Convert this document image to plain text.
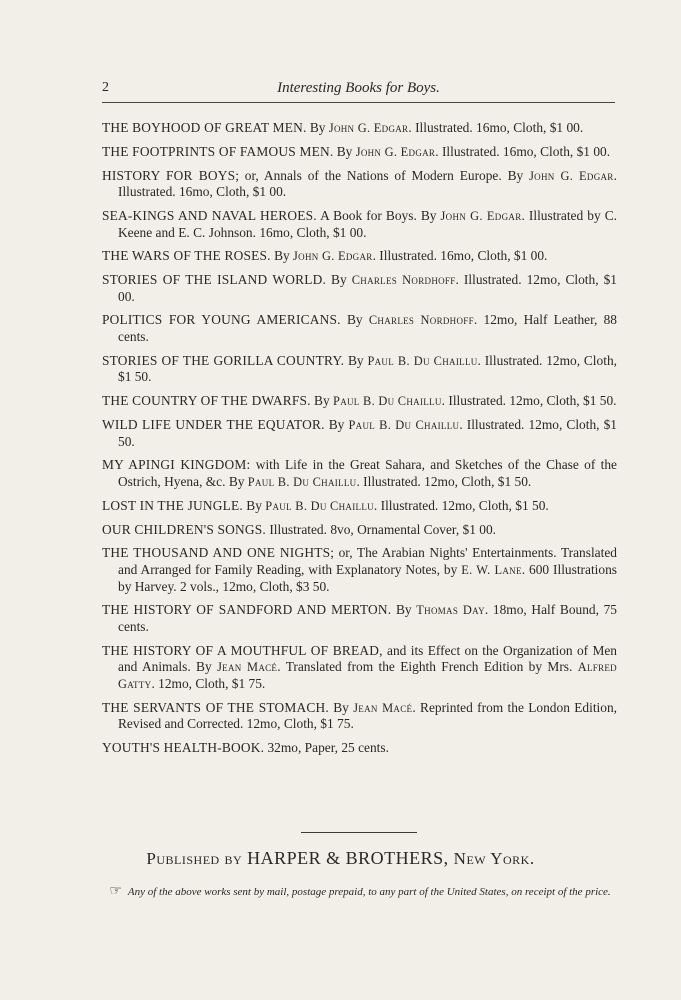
2	Interesting Books for Boys.
THE BOYHOOD OF GREAT MEN. By John G. Edgar. Illustrated. 16mo, Cloth, $1 00.
THE FOOTPRINTS OF FAMOUS MEN. By John G. Edgar. Illustrated. 16mo, Cloth, $1 00.
HISTORY FOR BOYS; or, Annals of the Nations of Modern Europe. By John G. Edgar. Illustrated. 16mo, Cloth, $1 00.
SEA-KINGS AND NAVAL HEROES. A Book for Boys. By John G. Edgar. Illustrated by C. Keene and E. C. Johnson. 16mo, Cloth, $1 00.
THE WARS OF THE ROSES. By John G. Edgar. Illustrated. 16mo, Cloth, $1 00.
STORIES OF THE ISLAND WORLD. By Charles Nordhoff. Illustrated. 12mo, Cloth, $1 00.
POLITICS FOR YOUNG AMERICANS. By Charles Nordhoff. 12mo, Half Leather, 88 cents.
STORIES OF THE GORILLA COUNTRY. By Paul B. Du Chaillu. Illustrated. 12mo, Cloth, $1 50.
THE COUNTRY OF THE DWARFS. By Paul B. Du Chaillu. Illustrated. 12mo, Cloth, $1 50.
WILD LIFE UNDER THE EQUATOR. By Paul B. Du Chaillu. Illustrated. 12mo, Cloth, $1 50.
MY APINGI KINGDOM: with Life in the Great Sahara, and Sketches of the Chase of the Ostrich, Hyena, &c. By Paul B. Du Chaillu. Illustrated. 12mo, Cloth, $1 50.
LOST IN THE JUNGLE. By Paul B. Du Chaillu. Illustrated. 12mo, Cloth, $1 50.
OUR CHILDREN'S SONGS. Illustrated. 8vo, Ornamental Cover, $1 00.
THE THOUSAND AND ONE NIGHTS; or, The Arabian Nights' Entertainments. Translated and Arranged for Family Reading, with Explanatory Notes, by E. W. Lane. 600 Illustrations by Harvey. 2 vols., 12mo, Cloth, $3 50.
THE HISTORY OF SANDFORD AND MERTON. By Thomas Day. 18mo, Half Bound, 75 cents.
THE HISTORY OF A MOUTHFUL OF BREAD, and its Effect on the Organization of Men and Animals. By Jean Macé. Translated from the Eighth French Edition by Mrs. Alfred Gatty. 12mo, Cloth, $1 75.
THE SERVANTS OF THE STOMACH. By Jean Macé. Reprinted from the London Edition, Revised and Corrected. 12mo, Cloth, $1 75.
YOUTH'S HEALTH-BOOK. 32mo, Paper, 25 cents.
Published by HARPER & BROTHERS, New York.
☞ Any of the above works sent by mail, postage prepaid, to any part of the United States, on receipt of the price.
